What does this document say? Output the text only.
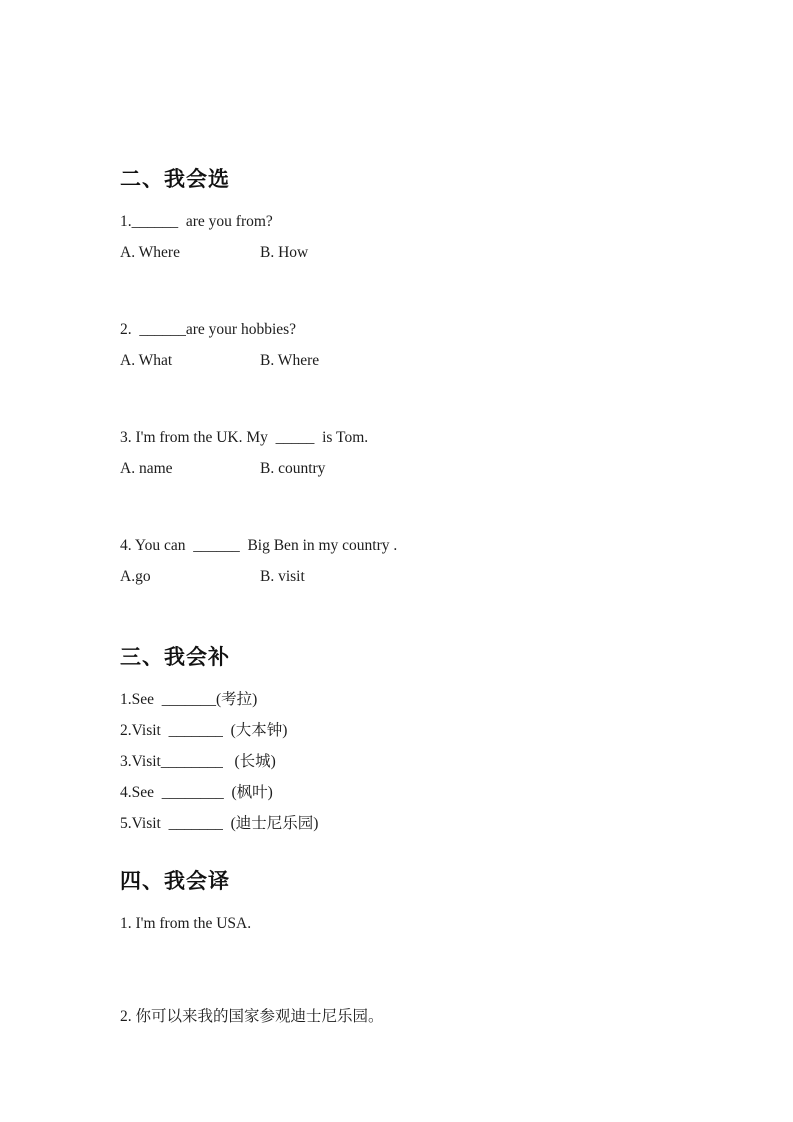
二、我会选

1.______  are you from?

A. Where	B. How

2.  ______are your hobbies?

A. What	B. Where

3. I'm from the UK. My  _____  is Tom.

A. name	B. country

4. You can  ______  Big Ben in my country .

A.go	B. visit
三、我会补

1.See  _______(考拉)

2.Visit  _______  (大本钟)

3.Visit________   (长城)

4.See  ________  (枫叶)

5.Visit  _______  (迪士尼乐园)

四、我会译

1. I'm from the USA.

2. 你可以来我的国家参观迪士尼乐园。
